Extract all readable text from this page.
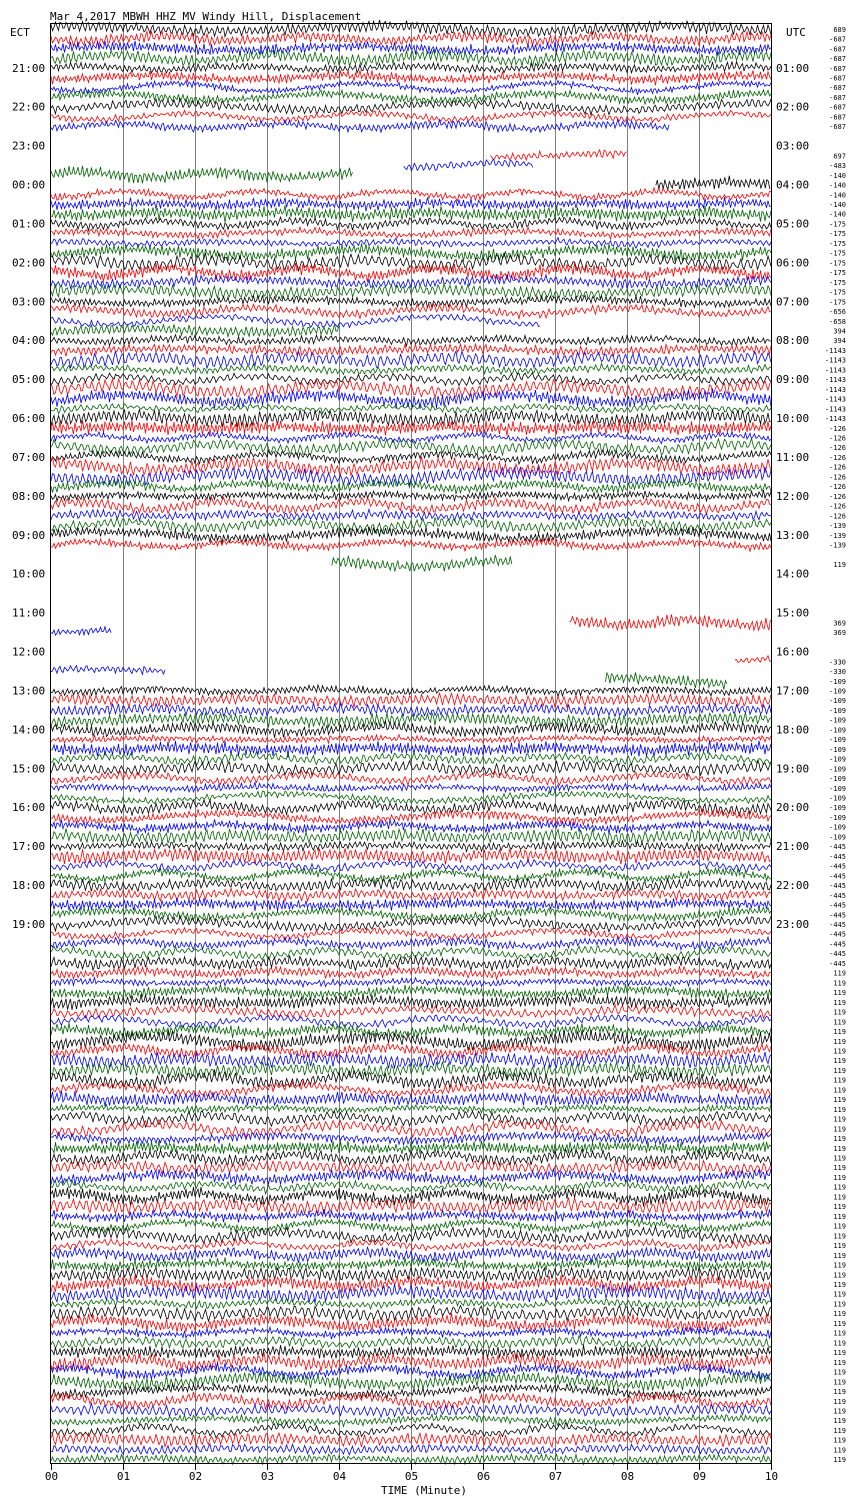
00	01	02	03	04	05	06	07	08	09	10
21:00
22:00
23:00
00:00
01:00
02:00
03:00
04:00
05:00
06:00
07:00
08:00
09:00
10:00
11:00
12:00
13:00
14:00
15:00
16:00
17:00
18:00
19:00
01:00
02:00
03:00
04:00
05:00
06:00
07:00
08:00
09:00
10:00
11:00
12:00
13:00
14:00
15:00
16:00
17:00
18:00
19:00
20:00
21:00
22:00
23:00
689
-687
-687
-687
-687
-687
-687
-687
-687
-687
-687
697
-483
-140
-140
-140
-140
-140
-175
-175
-175
-175
-175
-175
-175
-175
-175
-656
-658
394
394
-1143
-1143
-1143
-1143
-1143
-1143
-1143
-1143
-126
-126
-126
-126
-126
-126
-126
-126
-126
-126
-139
-139
-139
119
369
369
-330
-330
-109
-109
-109
-109
-109
-109
-109
-109
-109
-109
-109
-109
-109
-109
-109
-109
-109
-445
-445
-445
-445
-445
-445
-445
-445
-445
-445
-445
-445
-445
119
119
119
119
119
119
119
119
119
119
119
119
119
119
119
119
119
119
119
119
119
119
119
119
119
119
119
119
119
119
119
119
119
119
119
119
119
119
119
119
119
119
119
119
119
119
119
119
119
119
119
Mar 4,2017 MBWH HHZ MV Windy Hill, Displacement
ECT	UTC
TIME (Minute)
